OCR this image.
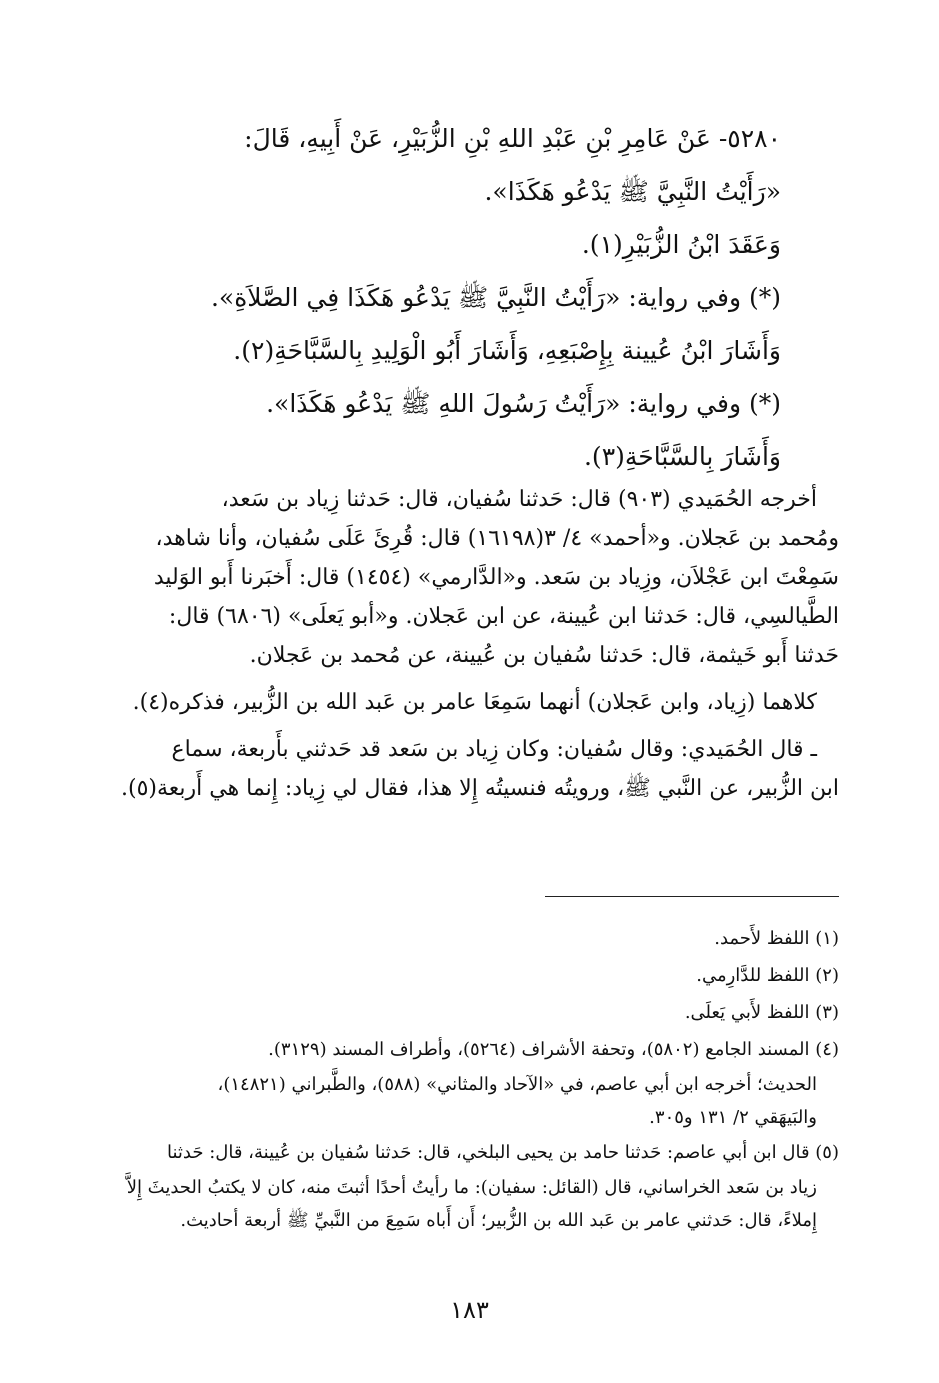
٥٢٨٠- عَنْ عَامِرِ بْنِ عَبْدِ اللهِ بْنِ الزُّبَيْرِ، عَنْ أَبِيهِ، قَالَ:

«رَأَيْتُ النَّبِيَّ ﷺ يَدْعُو هَكَذَا».

وَعَقَدَ ابْنُ الزُّبَيْرِ(١).

(*) وفي رواية: «رَأَيْتُ النَّبِيَّ ﷺ يَدْعُو هَكَذَا فِي الصَّلاَةِ».

وَأَشَارَ ابْنُ عُيينة بِإِصْبَعِهِ، وَأَشَارَ أَبُو الْوَلِيدِ بِالسَّبَّاحَةِ(٢).

(*) وفي رواية: «رَأَيْتُ رَسُولَ اللهِ ﷺ يَدْعُو هَكَذَا».

وَأَشَارَ بِالسَّبَّاحَةِ(٣).

أخرجه الحُمَيدي (٩٠٣) قال: حَدثنا سُفيان، قال: حَدثنا زِياد بن سَعد،

ومُحمد بن عَجلان. و«أحمد» ٤/ ٣(١٦١٩٨) قال: قُرِئَ عَلَى سُفيان، وأنا شاهد،

سَمِعْتَ ابن عَجْلاَن، وزِياد بن سَعد. و«الدَّارمي» (١٤٥٤) قال: أَخبَرنا أَبو الوَليد

الطَّيالسِي، قال: حَدثنا ابن عُيينة، عن ابن عَجلان. و«أبو يَعلَى» (٦٨٠٦) قال:

حَدثنا أَبو خَيثمة، قال: حَدثنا سُفيان بن عُيينة، عن مُحمد بن عَجلان.

كلاهما (زِياد، وابن عَجلان) أنهما سَمِعَا عامر بن عَبد الله بن الزُّبير، فذكره(٤).

ـ قال الحُمَيدي: وقال سُفيان: وكان زِياد بن سَعد قد حَدثني بأَربعة، سماع

ابن الزُّبير، عن النَّبي ﷺ، ورويتُه فنسيتُه إِلا هذا، فقال لي زِياد: إِنما هي أَربعة(٥).

(١) اللفظ لأَحمد.

(٢) اللفظ للدَّارِمي.

(٣) اللفظ لأَبي يَعلَى.

(٤) المسند الجامع (٥٨٠٢)، وتحفة الأشراف (٥٢٦٤)، وأطراف المسند (٣١٢٩).

الحديث؛ أخرجه ابن أبي عاصم، في «الآحاد والمثاني» (٥٨٨)، والطَّبراني (١٤٨٢١)،

والبَيهَقي ٢/ ١٣١ و٣٠٥.

(٥) قال ابن أبي عاصم: حَدثنا حامد بن يحيى البلخي، قال: حَدثنا سُفيان بن عُيينة، قال: حَدثنا

زياد بن سَعد الخراساني، قال (القائل: سفيان): ما رأيتُ أحدًا أثبتَ منه، كان لا يكتبُ الحديثَ إِلاَّ

إِملاءً، قال: حَدثني عامر بن عَبد الله بن الزُّبير؛ أَن أَباه سَمِعَ من النَّبيِّ ﷺ أربعة أحاديث.

١٨٣
